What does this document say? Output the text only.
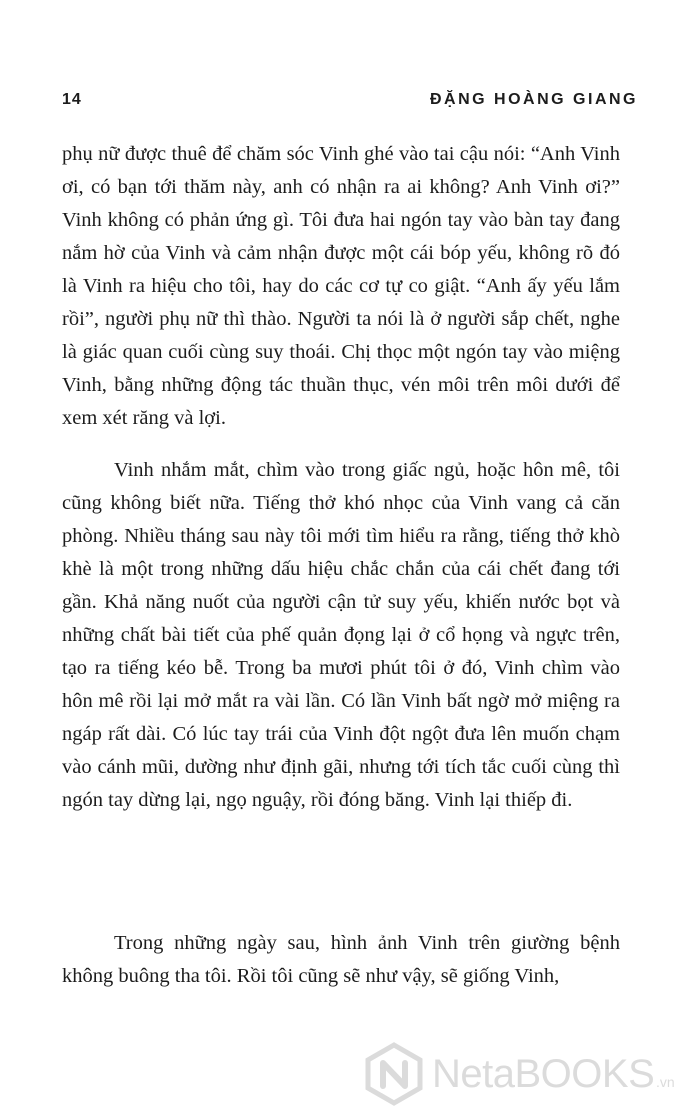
14	ĐẶNG HOÀNG GIANG

phụ nữ được thuê để chăm sóc Vinh ghé vào tai cậu nói: “Anh Vinh ơi, có bạn tới thăm này, anh có nhận ra ai không? Anh Vinh ơi?” Vinh không có phản ứng gì. Tôi đưa hai ngón tay vào bàn tay đang nắm hờ của Vinh và cảm nhận được một cái bóp yếu, không rõ đó là Vinh ra hiệu cho tôi, hay do các cơ tự co giật. “Anh ấy yếu lắm rồi”, người phụ nữ thì thào. Người ta nói là ở người sắp chết, nghe là giác quan cuối cùng suy thoái. Chị thọc một ngón tay vào miệng Vinh, bằng những động tác thuần thục, vén môi trên môi dưới để xem xét răng và lợi.

Vinh nhắm mắt, chìm vào trong giấc ngủ, hoặc hôn mê, tôi cũng không biết nữa. Tiếng thở khó nhọc của Vinh vang cả căn phòng. Nhiều tháng sau này tôi mới tìm hiểu ra rằng, tiếng thở khò khè là một trong những dấu hiệu chắc chắn của cái chết đang tới gần. Khả năng nuốt của người cận tử suy yếu, khiến nước bọt và những chất bài tiết của phế quản đọng lại ở cổ họng và ngực trên, tạo ra tiếng kéo bễ. Trong ba mươi phút tôi ở đó, Vinh chìm vào hôn mê rồi lại mở mắt ra vài lần. Có lần Vinh bất ngờ mở miệng ra ngáp rất dài. Có lúc tay trái của Vinh đột ngột đưa lên muốn chạm vào cánh mũi, dường như định gãi, nhưng tới tích tắc cuối cùng thì ngón tay dừng lại, ngọ nguậy, rồi đóng băng. Vinh lại thiếp đi.

Trong những ngày sau, hình ảnh Vinh trên giường bệnh không buông tha tôi. Rồi tôi cũng sẽ như vậy, sẽ giống Vinh,

NetaBOOKS .vn
